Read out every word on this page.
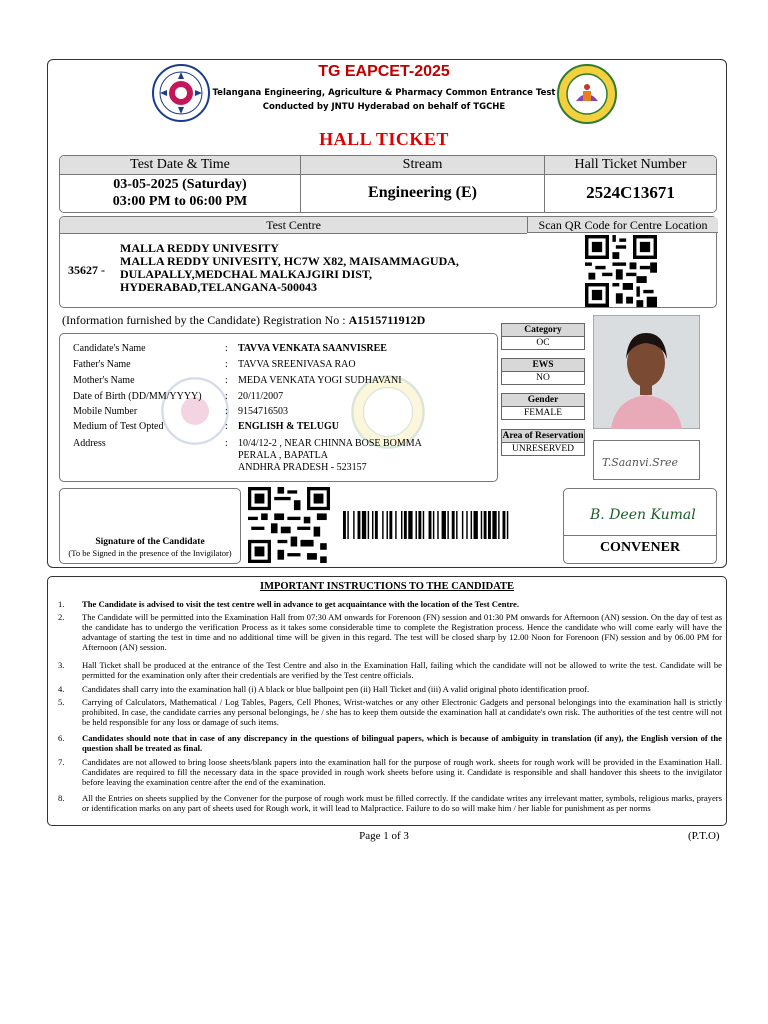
TG EAPCET-2025
Telangana Engineering, Agriculture & Pharmacy Common Entrance Test
Conducted by JNTU Hyderabad on behalf of TGCHE
HALL TICKET
Test Date & Time	Stream	Hall Ticket Number
03-05-2025 (Saturday)
03:00 PM to 06:00 PM
Engineering (E)	2524C13671
Test Centre	Scan QR Code for Centre Location
35627 -
MALLA REDDY UNIVESITY
MALLA REDDY UNIVESITY, HC7W X82, MAISAMMAGUDA,
DULAPALLY,MEDCHAL MALKAJGIRI DIST,
HYDERABAD,TELANGANA-500043
(Information furnished by the Candidate) Registration No : A1515711912D
Candidate's Name	: TAVVA VENKATA SAANVISREE
Father's Name	: TAVVA SREENIVASA RAO
Mother's Name	: MEDA VENKATA YOGI SUDHAVANI
Date of Birth (DD/MM/YYYY)	: 20/11/2007
Mobile Number	: 9154716503
Medium of Test Opted	: ENGLISH & TELUGU
Address	: 10/4/12-2 , NEAR CHINNA BOSE BOMMA
PERALA , BAPATLA
ANDHRA PRADESH - 523157
Category
OC
EWS
NO
Gender
FEMALE
Area of Reservation
UNRESERVED
T.Saanvi.Sree
Signature of the Candidate
(To be Signed in the presence of the Invigilator)
B. Deen Kumal
CONVENER
IMPORTANT INSTRUCTIONS TO THE CANDIDATE
1. The Candidate is advised to visit the test centre well in advance to get acquaintance with the location of the Test Centre.
2. The Candidate will be permitted into the Examination Hall from 07:30 AM onwards for Forenoon (FN) session and 01:30 PM onwards for Afternoon (AN) session. On the day of test as the candidate has to undergo the verification Process as it takes some considerable time to complete the Registration process. Hence the candidate who will come early will have the advantage of starting the test in time and no additional time will be given in this regard. The test will be closed sharp by 12.00 Noon for Forenoon (FN) session and by 06.00 PM for Afternoon (AN) session.
3. Hall Ticket shall be produced at the entrance of the Test Centre and also in the Examination Hall, failing which the candidate will not be allowed to write the test. Candidate will be permitted for the examination only after their credentials are verified by the Test centre officials.
4. Candidates shall carry into the examination hall (i) A black or blue ballpoint pen (ii) Hall Ticket and (iii) A valid original photo identification proof.
5. Carrying of Calculators, Mathematical / Log Tables, Pagers, Cell Phones, Wrist-watches or any other Electronic Gadgets and personal belongings into the examination hall is strictly prohibited. In case, the candidate carries any personal belongings, he / she has to keep them outside the examination hall at candidate's own risk. The authorities of the test centre will not be held responsible for any loss or damage of such items.
6. Candidates should note that in case of any discrepancy in the questions of bilingual papers, which is because of ambiguity in translation (if any), the English version of the question shall be treated as final.
7. Candidates are not allowed to bring loose sheets/blank papers into the examination hall for the purpose of rough work. sheets for rough work will be provided in the Examination Hall. Candidates are required to fill the necessary data in the space provided in rough work sheets before using it. Candidate is responsible and shall handover this sheets to the invigilator before leaving the examination centre after the end of the examination.
8. All the Entries on sheets supplied by the Convener for the purpose of rough work must be filled correctly. If the candidate writes any irrelevant matter, symbols, religious marks, prayers or identification marks on any part of sheets used for Rough work, it will lead to Malpractice. Failure to do so will make him / her liable for punishment as per norms
Page 1 of 3	(P.T.O)
